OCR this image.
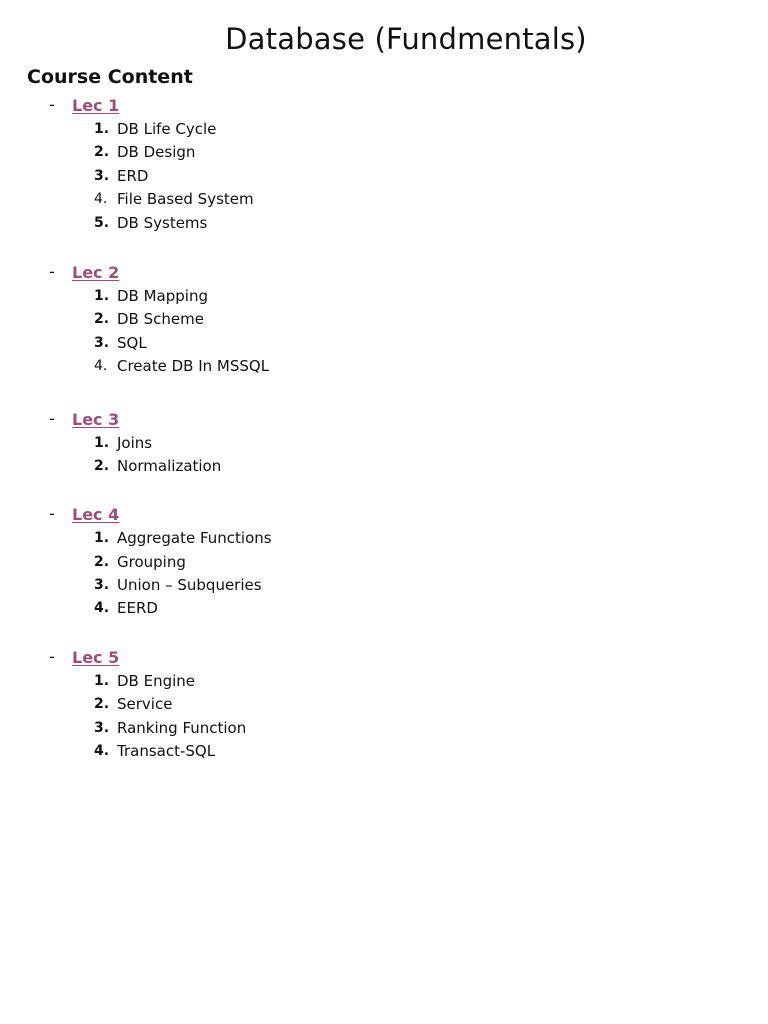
Database (Fundmentals)
Course Content
- Lec 1
1. DB Life Cycle
2. DB Design
3. ERD
4. File Based System
5. DB Systems
- Lec 2
1. DB Mapping
2. DB Scheme
3. SQL
4. Create DB In MSSQL
- Lec 3
1. Joins
2. Normalization
- Lec 4
1. Aggregate Functions
2. Grouping
3. Union – Subqueries
4. EERD
- Lec 5
1. DB Engine
2. Service
3. Ranking Function
4. Transact-SQL
